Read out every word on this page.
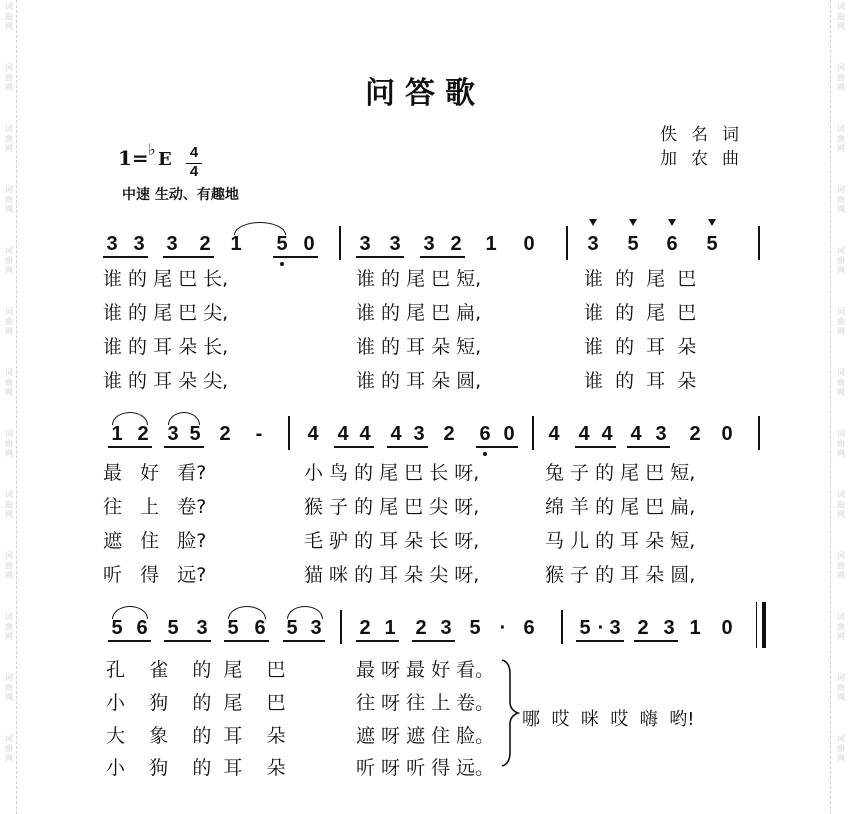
词
曲
网
词
曲
网
词
曲
网
词
曲
网
词
曲
网
词
曲
网
词
曲
网
词
曲
网
词
曲
网
词
曲
网
词
曲
网
词
曲
网
词
曲
网
词
曲
网
词
曲
网
词
曲
网
词
曲
网
词
曲
网
词
曲
网
词
曲
网
词
曲
网
词
曲
网
词
曲
网
词
曲
网
词
曲
网
词
曲
网
问答歌
佚名词
加农曲
1= ♭ E 4
4
中速 生动、有趣地
3 3 3 2 1 5 0 3 3 3 2 1 0	3 5 6 5
谁 的 尾 巴 长,	谁 的 尾 巴 短,	谁  的  尾  巴
谁 的 尾 巴 尖,	谁 的 尾 巴 扁,	谁  的  尾  巴
谁 的 耳 朵 长,	谁 的 耳 朵 短,	谁  的  耳  朵
谁 的 耳 朵 尖,	谁 的 耳 朵 圆,	谁  的  耳  朵
1 2 3 5 2 - 4 4 4 4 3 2 6 0 4 4 4 4 3 2 0
最   好   看?	小 鸟 的 尾 巴 长 呀,	兔 子 的 尾 巴 短,
往   上   卷?	猴 子 的 尾 巴 尖 呀,	绵 羊 的 尾 巴 扁,
遮   住   脸?	毛 驴 的 耳 朵 长 呀,	马 儿 的 耳 朵 短,
听   得   远?	猫 咪 的 耳 朵 尖 呀,	猴 子 的 耳 朵 圆,
5 6 5 3 5 6 5 3 2 1 2 3 5 · 6 5 · 3 2 3 1 0
孔    雀    的  尾    巴	最 呀 最 好 看。
小    狗    的  尾    巴	往 呀 往 上 卷。
大    象    的  耳    朵	遮 呀 遮 住 脸。
小    狗    的  耳    朵	听 呀 听 得 远。
哪  哎  咪  哎  嗨  哟!
